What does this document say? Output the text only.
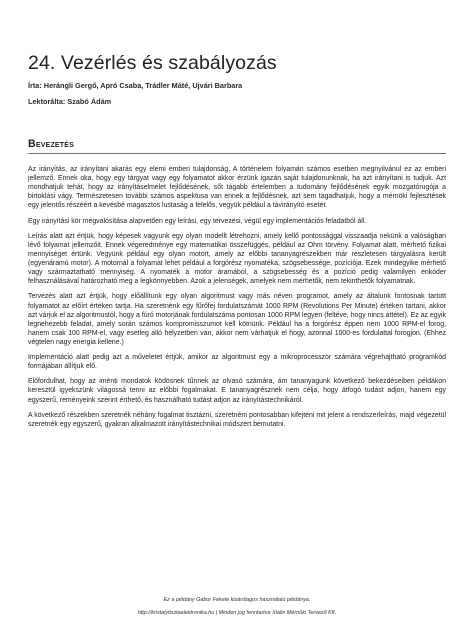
24. Vezérlés és szabályozás
Írta: Herángli Gergő, Apró Csaba, Trádler Máté, Ujvári Barbara
Lektorálta: Szabó Ádám
Bevezetés

Az irányítás, az irányítani akarás egy elemi emberi tulajdonság. A történelem folyamán számos esetben megnyilvánul ez az emberi jellemző. Ennek oka, hogy egy tárgyat vagy egy folyamatot akkor érzünk igazán saját tulajdonunknak, ha azt irányítani is tudjuk. Azt mondhatjuk tehát, hogy az irányításelmélet fejlődésének, sőt tágabb értelemben a tudomány fejlődésének egyik mozgatórugója a birtoklási vágy. Természetesen további számos aspektusa van ennek a fejlődésnek, azt sem tagadhatjuk, hogy a mérnöki fejlesztések egy jelentős részéért a kevésbé magasztos lustaság a felelős, vegyük például a távirányító esetét.

Egy irányítási kör megvalósítása alapvetően egy leírási, egy tervezési, végül egy implementációs feladatból áll.

Leírás alatt azt értjük, hogy képesek vagyunk egy olyan modellt létrehozni, amely kellő pontossággal visszaadja nekünk a valóságban lévő folyamat jellemzőit. Ennek végeredménye egy matematikai összefüggés, például az Ohm törvény. Folyamat alatt, mérhető fizikai mennyiséget értünk. Vegyünk például egy olyan motort, amely az előbbi tananyagrészekben már részletesen tárgyalásra került (egyenáramú motor). A motornál a folyamat lehet például a forgórész nyomatéka, szögsebessége, pozíciója. Ezek mindegyike mérhető vagy származtatható mennyiség. A nyomaték a motor áramából, a szögsebesség és a pozíció pedig valamilyen enkóder felhasználásával határozható meg a legkönnyebben. Azok a jelenségek, amelyek nem mérhetők, nem tekinthetők folyamatnak.

Tervezés alatt azt értjük, hogy előállítunk egy olyan algoritmust vagy más néven programot, amely az általunk fontosnak tartott folyamatot az előírt értéken tartja. Ha szeretnénk egy fűrőfej fordulatszámát 1000 RPM (Revolutions Per Minute) értéken tartani, akkor azt várjuk el az algoritmustól, hogy a fúró motorjának fordulatszáma pontosan 1000 RPM legyen (feltéve, hogy nincs áttétel). Ez az egyik legnehezebb feladat, amely során számos kompromisszumot kell kötnünk. Például ha a forgórész éppen nem 1000 RPM-el forog, hanem csak 100 RPM-el, vagy esetleg alló helyzetben van, akkor nem várhatjuk el hogy, azonnal 1000-es fordulattal forogjon. (Ehhez végtelen nagy energia kellene.)

Implementáció alatt pedig azt a műveletet értjük, amikor az algoritmust egy a mikroprocesszor számára végrehajtható programkód formájában állítjuk elő.

Előfordulhat, hogy az iménti mondatok ködösnek tűnnek az olvasó számára, ám tananyagunk következő bekezdéseiben példákon keresztül igyekszünk világossá tenni az előbbi fogalmakat. E tananyagrésznek nem célja, hogy átfogó tudást adjon, hanem egy egyszerű, reményeink szerint érthető, és használható tudást adjon az irányítástechnikáról.

A következő részekben szeretnék néhány fogalmat tisztázni, szeretném pontosabban kifejteni mit jelent a rendszerleírás, majd végezetül szeretnék egy egyszerű, gyakran alkalmazott irányítástechnikai módszert bemutatni.

Ez a példány Gábor Fekete kizárólagos használatú példánya.
http://kristalytisztaelektronika.hu | Minden jog fenntartva Xtalin Mérnöki Tervező Kft.
